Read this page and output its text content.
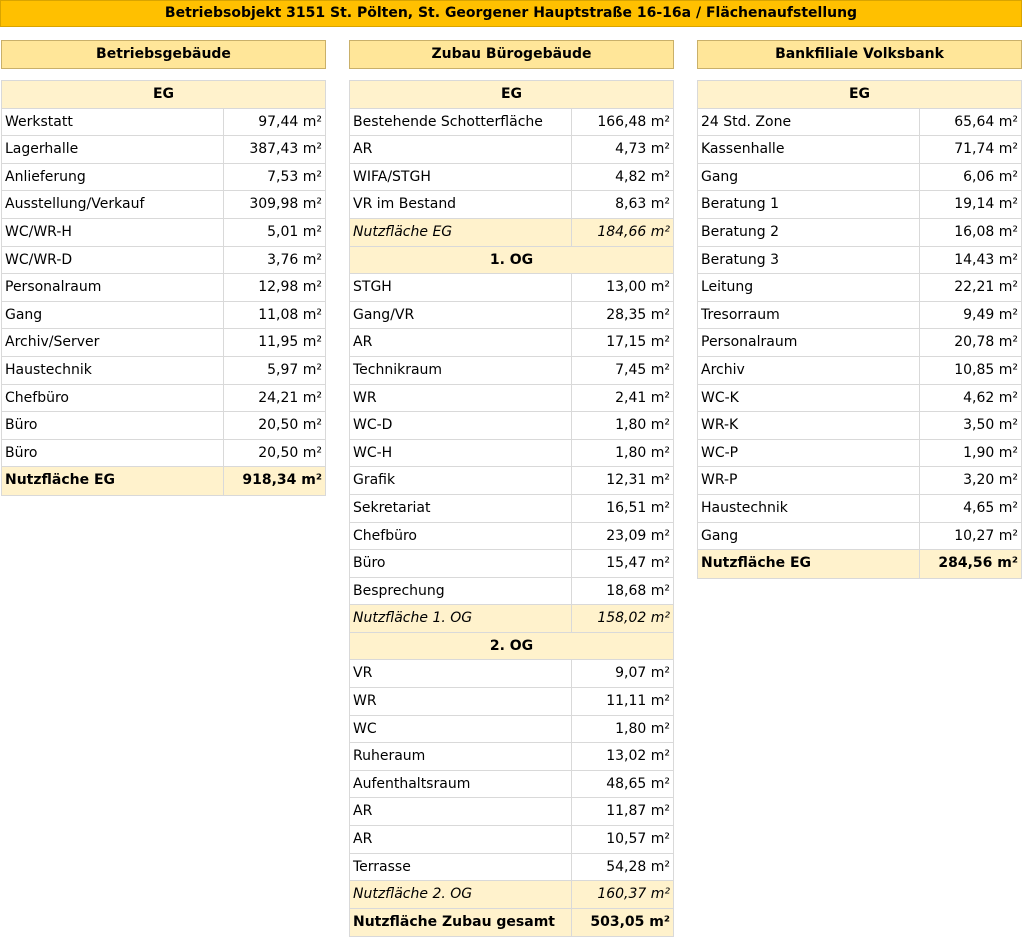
Betriebsobjekt 3151 St. Pölten, St. Georgener Hauptstraße 16-16a / Flächenaufstellung
Betriebsgebäude
EG
Werkstatt	97,44 m²
Lagerhalle	387,43 m²
Anlieferung	7,53 m²
Ausstellung/Verkauf	309,98 m²
WC/WR-H	5,01 m²
WC/WR-D	3,76 m²
Personalraum	12,98 m²
Gang	11,08 m²
Archiv/Server	11,95 m²
Haustechnik	5,97 m²
Chefbüro	24,21 m²
Büro	20,50 m²
Büro	20,50 m²
Nutzfläche EG	918,34 m²
Zubau Bürogebäude
EG
Bestehende Schotterfläche	166,48 m²
AR	4,73 m²
WIFA/STGH	4,82 m²
VR im Bestand	8,63 m²
Nutzfläche EG	184,66 m²
1. OG
STGH	13,00 m²
Gang/VR	28,35 m²
AR	17,15 m²
Technikraum	7,45 m²
WR	2,41 m²
WC-D	1,80 m²
WC-H	1,80 m²
Grafik	12,31 m²
Sekretariat	16,51 m²
Chefbüro	23,09 m²
Büro	15,47 m²
Besprechung	18,68 m²
Nutzfläche 1. OG	158,02 m²
2. OG
VR	9,07 m²
WR	11,11 m²
WC	1,80 m²
Ruheraum	13,02 m²
Aufenthaltsraum	48,65 m²
AR	11,87 m²
AR	10,57 m²
Terrasse	54,28 m²
Nutzfläche 2. OG	160,37 m²
Nutzfläche Zubau gesamt	503,05 m²
Bankfiliale Volksbank
EG
24 Std. Zone	65,64 m²
Kassenhalle	71,74 m²
Gang	6,06 m²
Beratung 1	19,14 m²
Beratung 2	16,08 m²
Beratung 3	14,43 m²
Leitung	22,21 m²
Tresorraum	9,49 m²
Personalraum	20,78 m²
Archiv	10,85 m²
WC-K	4,62 m²
WR-K	3,50 m²
WC-P	1,90 m²
WR-P	3,20 m²
Haustechnik	4,65 m²
Gang	10,27 m²
Nutzfläche EG	284,56 m²
